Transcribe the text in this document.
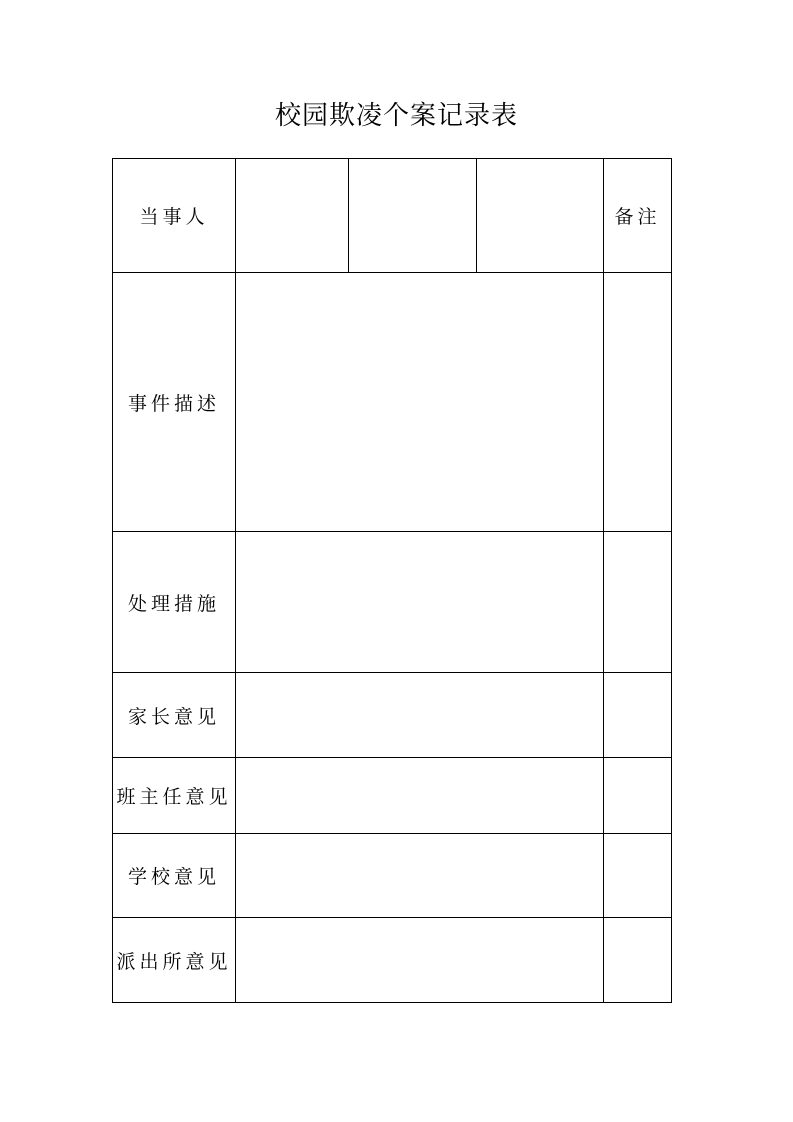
校园欺凌个案记录表
当事人				备注
事件描述				
处理措施				
家长意见				
班主任意见				
学校意见				
派出所意见				
